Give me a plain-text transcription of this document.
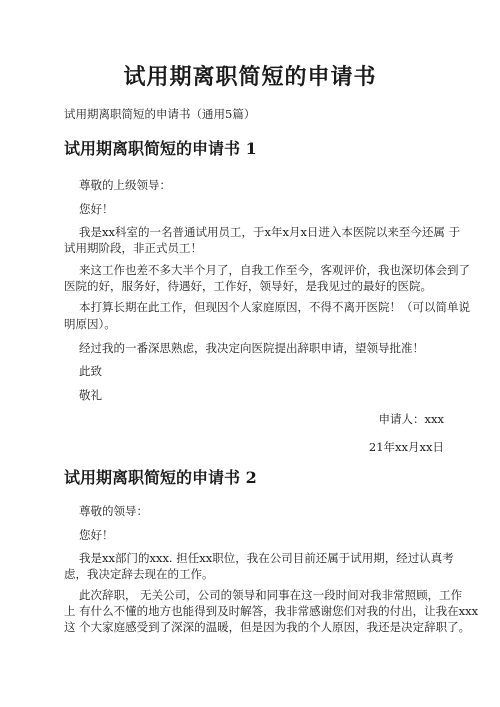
试用期离职简短的申请书

试用期离职简短的申请书（通用5篇）

试用期离职简短的申请书 1

尊敬的上级领导：

您好！

我是xx科室的一名普通试用员工，于x年x月x日进入本医院以来至今还属 于

试用期阶段，非正式员工！

来这工作也差不多大半个月了，自我工作至今，客观评价，我也深切体会到了

医院的好，服务好，待遇好，工作好，领导好，是我见过的最好的医院。

本打算长期在此工作，但现因个人家庭原因，不得不离开医院！（可以简单说

明原因）。

经过我的一番深思熟虑，我决定向医院提出辞职申请，望领导批准！

此致

敬礼

申请人：xxx

21年xx月xx日

试用期离职简短的申请书 2

尊敬的领导：

您好！

我是xx部门的xxx. 担任xx职位，我在公司目前还属于试用期，经过认真考

虑，我决定辞去现在的工作。

此次辞职， 无关公司，公司的领导和同事在这一段时间对我非常照顾，工作

上 有什么不懂的地方也能得到及时解答，我非常感谢您们对我的付出，让我在xxx

这 个大家庭感受到了深深的温暖，但是因为我的个人原因，我还是决定辞职了。
